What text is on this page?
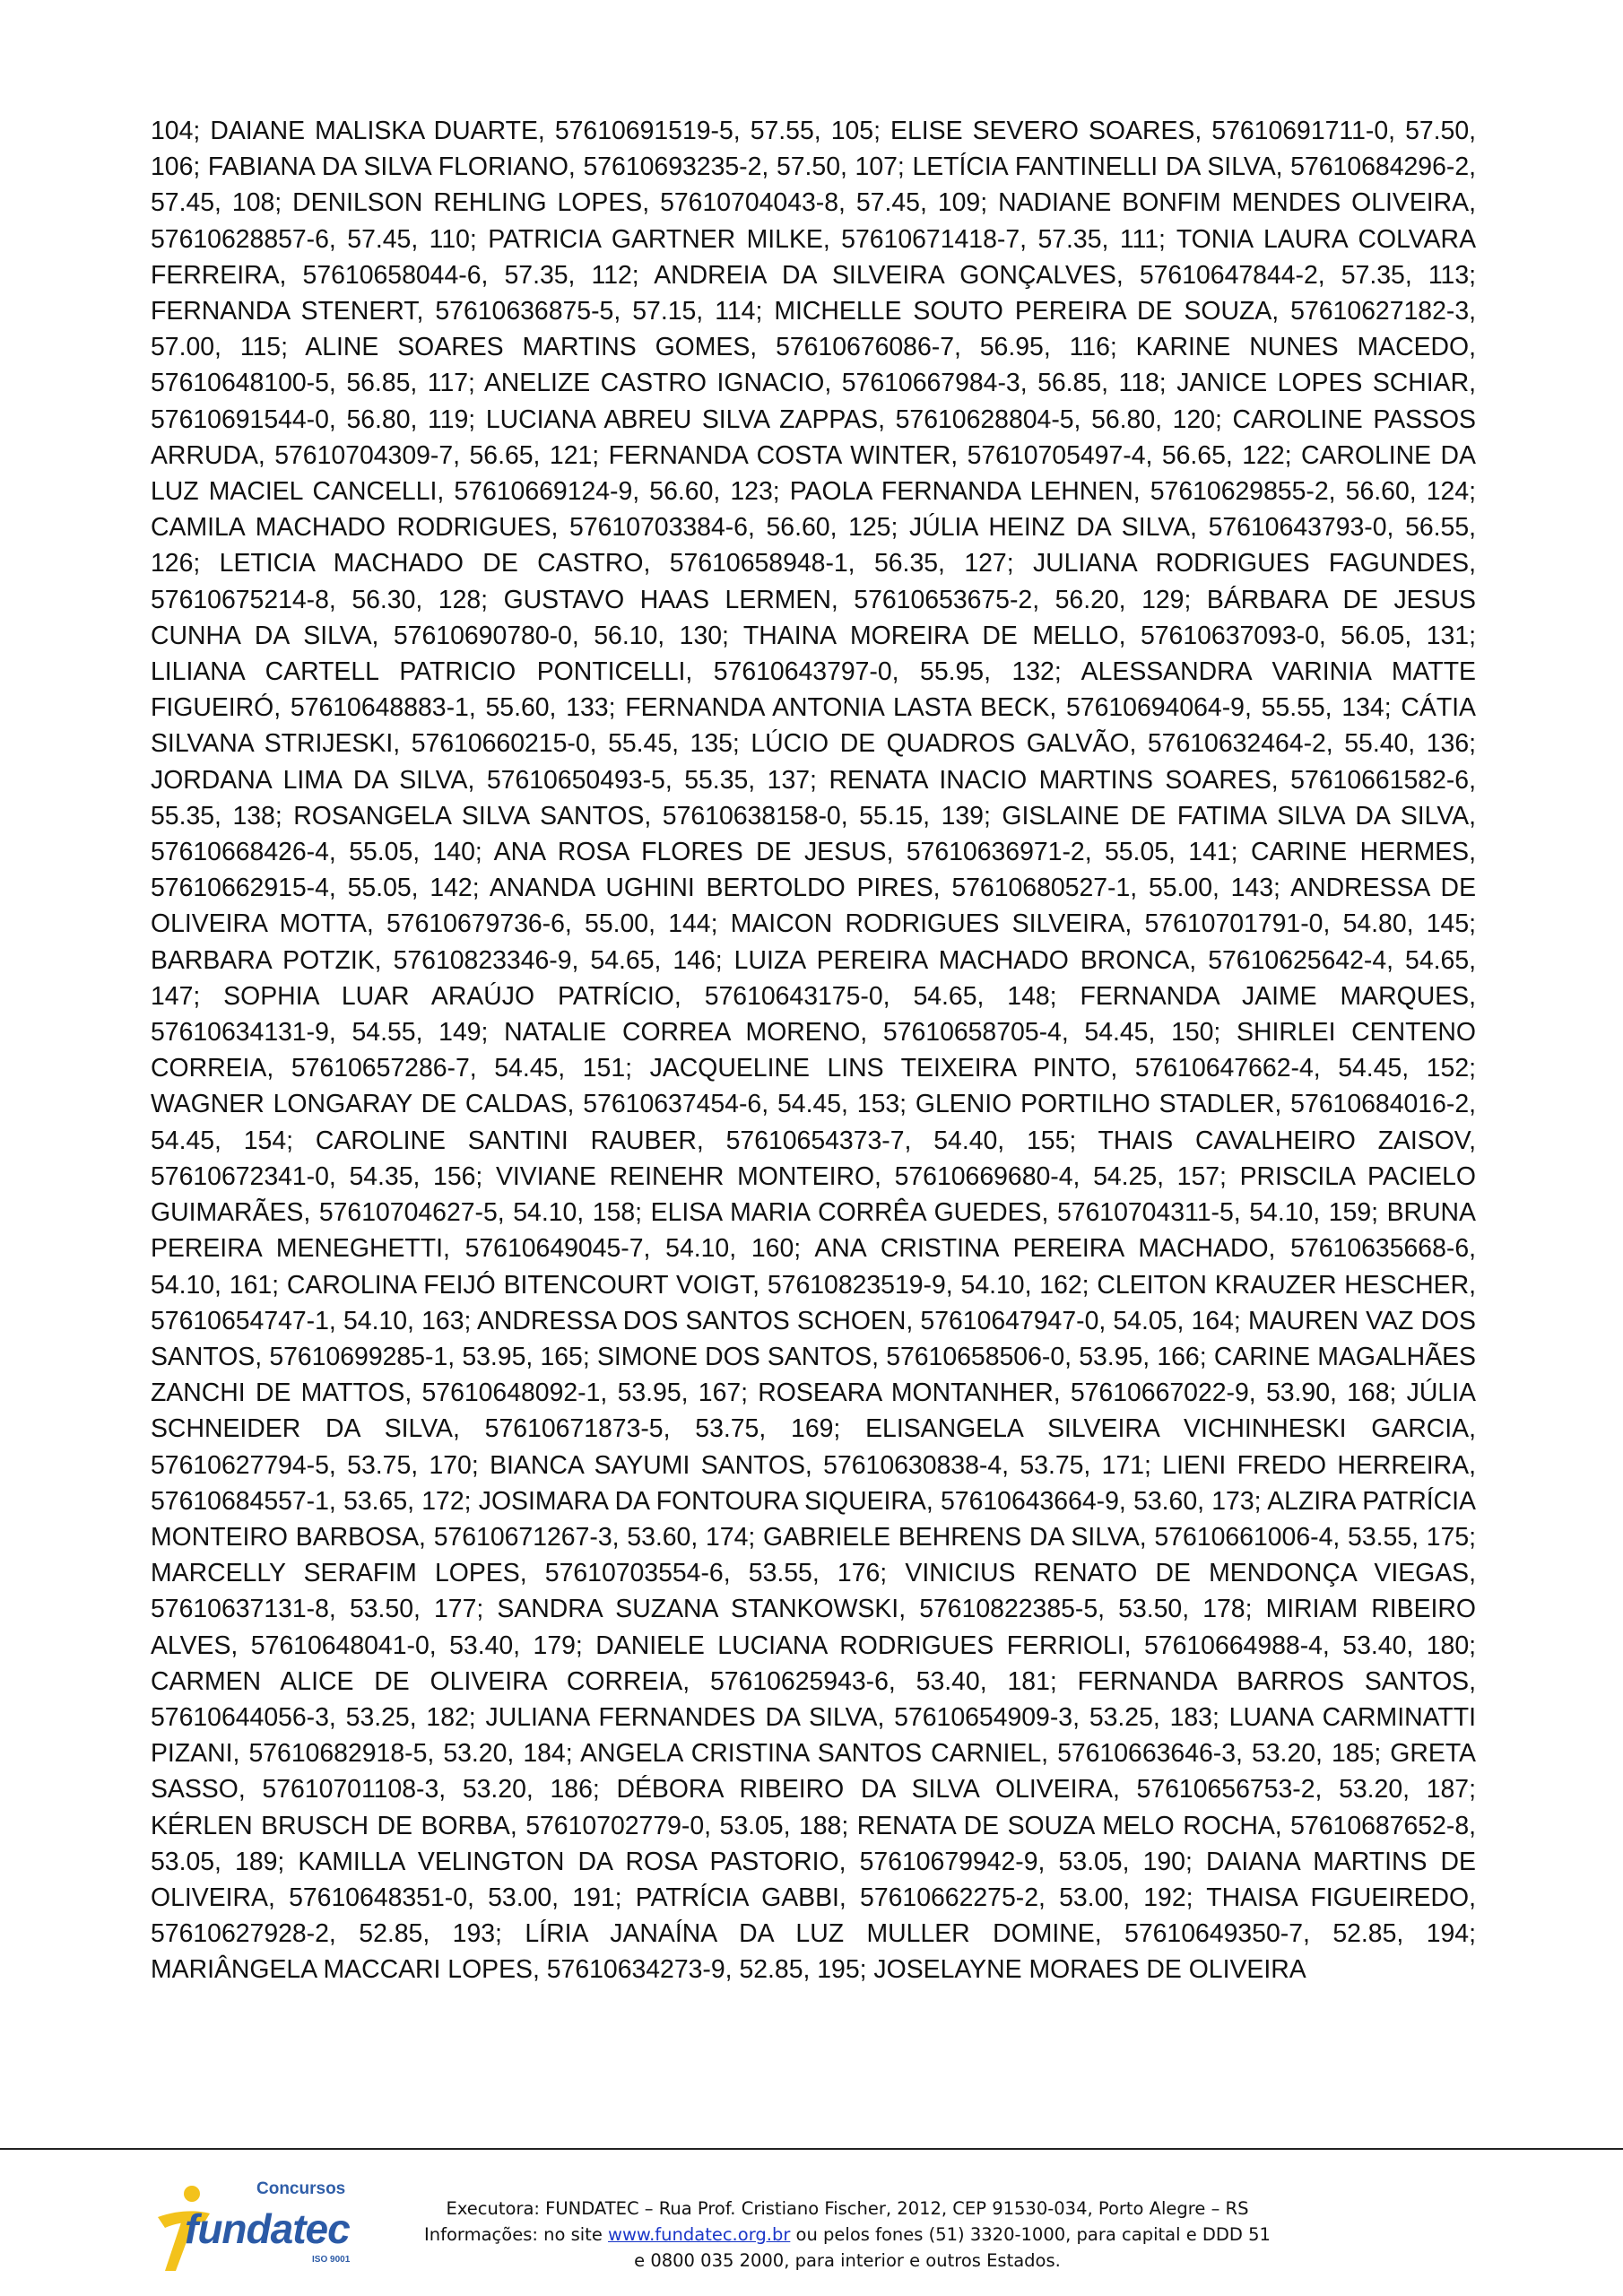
104; DAIANE MALISKA DUARTE, 57610691519-5, 57.55, 105; ELISE SEVERO SOARES, 57610691711-0, 57.50, 106; FABIANA DA SILVA FLORIANO, 57610693235-2, 57.50, 107; LETÍCIA FANTINELLI DA SILVA, 57610684296-2, 57.45, 108; DENILSON REHLING LOPES, 57610704043-8, 57.45, 109; NADIANE BONFIM MENDES OLIVEIRA, 57610628857-6, 57.45, 110; PATRICIA GARTNER MILKE, 57610671418-7, 57.35, 111; TONIA LAURA COLVARA FERREIRA, 57610658044-6, 57.35, 112; ANDREIA DA SILVEIRA GONÇALVES, 57610647844-2, 57.35, 113; FERNANDA STENERT, 57610636875-5, 57.15, 114; MICHELLE SOUTO PEREIRA DE SOUZA, 57610627182-3, 57.00, 115; ALINE SOARES MARTINS GOMES, 57610676086-7, 56.95, 116; KARINE NUNES MACEDO, 57610648100-5, 56.85, 117; ANELIZE CASTRO IGNACIO, 57610667984-3, 56.85, 118; JANICE LOPES SCHIAR, 57610691544-0, 56.80, 119; LUCIANA ABREU SILVA ZAPPAS, 57610628804-5, 56.80, 120; CAROLINE PASSOS ARRUDA, 57610704309-7, 56.65, 121; FERNANDA COSTA WINTER, 57610705497-4, 56.65, 122; CAROLINE DA LUZ MACIEL CANCELLI, 57610669124-9, 56.60, 123; PAOLA FERNANDA LEHNEN, 57610629855-2, 56.60, 124; CAMILA MACHADO RODRIGUES, 57610703384-6, 56.60, 125; JÚLIA HEINZ DA SILVA, 57610643793-0, 56.55, 126; LETICIA MACHADO DE CASTRO, 57610658948-1, 56.35, 127; JULIANA RODRIGUES FAGUNDES, 57610675214-8, 56.30, 128; GUSTAVO HAAS LERMEN, 57610653675-2, 56.20, 129; BÁRBARA DE JESUS CUNHA DA SILVA, 57610690780-0, 56.10, 130; THAINA MOREIRA DE MELLO, 57610637093-0, 56.05, 131; LILIANA CARTELL PATRICIO PONTICELLI, 57610643797-0, 55.95, 132; ALESSANDRA VARINIA MATTE FIGUEIRÓ, 57610648883-1, 55.60, 133; FERNANDA ANTONIA LASTA BECK, 57610694064-9, 55.55, 134; CÁTIA SILVANA STRIJESKI, 57610660215-0, 55.45, 135; LÚCIO DE QUADROS GALVÃO, 57610632464-2, 55.40, 136; JORDANA LIMA DA SILVA, 57610650493-5, 55.35, 137; RENATA INACIO MARTINS SOARES, 57610661582-6, 55.35, 138; ROSANGELA SILVA SANTOS, 57610638158-0, 55.15, 139; GISLAINE DE FATIMA SILVA DA SILVA, 57610668426-4, 55.05, 140; ANA ROSA FLORES DE JESUS, 57610636971-2, 55.05, 141; CARINE HERMES, 57610662915-4, 55.05, 142; ANANDA UGHINI BERTOLDO PIRES, 57610680527-1, 55.00, 143; ANDRESSA DE OLIVEIRA MOTTA, 57610679736-6, 55.00, 144; MAICON RODRIGUES SILVEIRA, 57610701791-0, 54.80, 145; BARBARA POTZIK, 57610823346-9, 54.65, 146; LUIZA PEREIRA MACHADO BRONCA, 57610625642-4, 54.65, 147; SOPHIA LUAR ARAÚJO PATRÍCIO, 57610643175-0, 54.65, 148; FERNANDA JAIME MARQUES, 57610634131-9, 54.55, 149; NATALIE CORREA MORENO, 57610658705-4, 54.45, 150; SHIRLEI CENTENO CORREIA, 57610657286-7, 54.45, 151; JACQUELINE LINS TEIXEIRA PINTO, 57610647662-4, 54.45, 152; WAGNER LONGARAY DE CALDAS, 57610637454-6, 54.45, 153; GLENIO PORTILHO STADLER, 57610684016-2, 54.45, 154; CAROLINE SANTINI RAUBER, 57610654373-7, 54.40, 155; THAIS CAVALHEIRO ZAISOV, 57610672341-0, 54.35, 156; VIVIANE REINEHR MONTEIRO, 57610669680-4, 54.25, 157; PRISCILA PACIELO GUIMARÃES, 57610704627-5, 54.10, 158; ELISA MARIA CORRÊA GUEDES, 57610704311-5, 54.10, 159; BRUNA PEREIRA MENEGHETTI, 57610649045-7, 54.10, 160; ANA CRISTINA PEREIRA MACHADO, 57610635668-6, 54.10, 161; CAROLINA FEIJÓ BITENCOURT VOIGT, 57610823519-9, 54.10, 162; CLEITON KRAUZER HESCHER, 57610654747-1, 54.10, 163; ANDRESSA DOS SANTOS SCHOEN, 57610647947-0, 54.05, 164; MAUREN VAZ DOS SANTOS, 57610699285-1, 53.95, 165; SIMONE DOS SANTOS, 57610658506-0, 53.95, 166; CARINE MAGALHÃES ZANCHI DE MATTOS, 57610648092-1, 53.95, 167; ROSEARA MONTANHER, 57610667022-9, 53.90, 168; JÚLIA SCHNEIDER DA SILVA, 57610671873-5, 53.75, 169; ELISANGELA SILVEIRA VICHINHESKI GARCIA, 57610627794-5, 53.75, 170; BIANCA SAYUMI SANTOS, 57610630838-4, 53.75, 171; LIENI FREDO HERREIRA, 57610684557-1, 53.65, 172; JOSIMARA DA FONTOURA SIQUEIRA, 57610643664-9, 53.60, 173; ALZIRA PATRÍCIA MONTEIRO BARBOSA, 57610671267-3, 53.60, 174; GABRIELE BEHRENS DA SILVA, 57610661006-4, 53.55, 175; MARCELLY SERAFIM LOPES, 57610703554-6, 53.55, 176; VINICIUS RENATO DE MENDONÇA VIEGAS, 57610637131-8, 53.50, 177; SANDRA SUZANA STANKOWSKI, 57610822385-5, 53.50, 178; MIRIAM RIBEIRO ALVES, 57610648041-0, 53.40, 179; DANIELE LUCIANA RODRIGUES FERRIOLI, 57610664988-4, 53.40, 180; CARMEN ALICE DE OLIVEIRA CORREIA, 57610625943-6, 53.40, 181; FERNANDA BARROS SANTOS, 57610644056-3, 53.25, 182; JULIANA FERNANDES DA SILVA, 57610654909-3, 53.25, 183; LUANA CARMINATTI PIZANI, 57610682918-5, 53.20, 184; ANGELA CRISTINA SANTOS CARNIEL, 57610663646-3, 53.20, 185; GRETA SASSO, 57610701108-3, 53.20, 186; DÉBORA RIBEIRO DA SILVA OLIVEIRA, 57610656753-2, 53.20, 187; KÉRLEN BRUSCH DE BORBA, 57610702779-0, 53.05, 188; RENATA DE SOUZA MELO ROCHA, 57610687652-8, 53.05, 189; KAMILLA VELINGTON DA ROSA PASTORIO, 57610679942-9, 53.05, 190; DAIANA MARTINS DE OLIVEIRA, 57610648351-0, 53.00, 191; PATRÍCIA GABBI, 57610662275-2, 53.00, 192; THAISA FIGUEIREDO, 57610627928-2, 52.85, 193; LÍRIA JANAÍNA DA LUZ MULLER DOMINE, 57610649350-7, 52.85, 194; MARIÂNGELA MACCARI LOPES, 57610634273-9, 52.85, 195; JOSELAYNE MORAES DE OLIVEIRA

Concursos
fundatec
ISO 9001
Executora: FUNDATEC – Rua Prof. Cristiano Fischer, 2012, CEP 91530-034, Porto Alegre – RS
Informações: no site www.fundatec.org.br ou pelos fones (51) 3320-1000, para capital e DDD 51
e 0800 035 2000, para interior e outros Estados.
